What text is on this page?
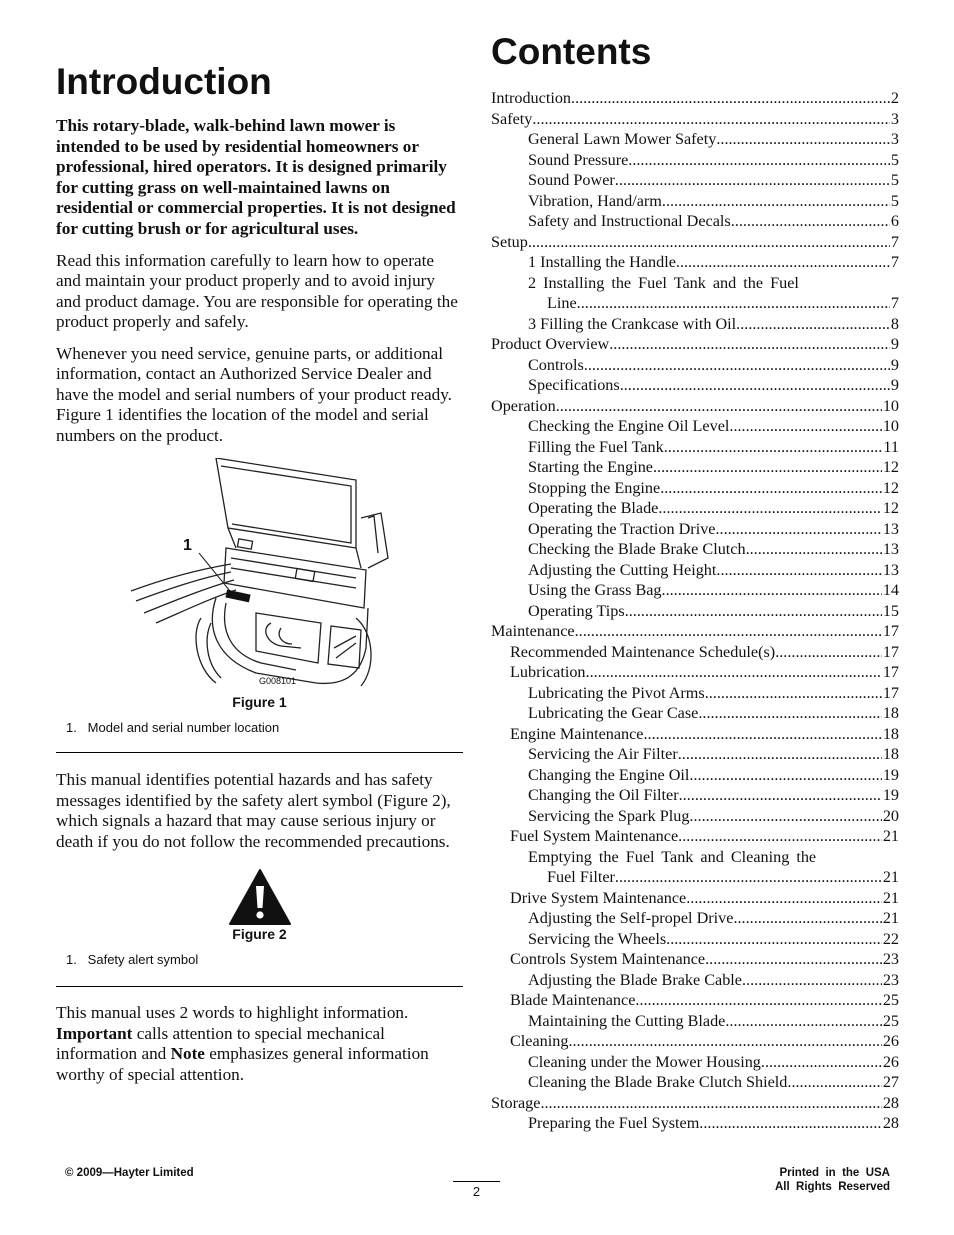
Introduction

This rotary-blade, walk-behind lawn mower is intended to be used by residential homeowners or professional, hired operators. It is designed primarily for cutting grass on well-maintained lawns on residential or commercial properties. It is not designed for cutting brush or for agricultural uses.

Read this information carefully to learn how to operate and maintain your product properly and to avoid injury and product damage. You are responsible for operating the product properly and safely.

Whenever you need service, genuine parts, or additional information, contact an Authorized Service Dealer and have the model and serial numbers of your product ready. Figure 1 identifies the location of the model and serial numbers on the product.

1
G008101
Figure 1
1.   Model and serial number location

This manual identifies potential hazards and has safety messages identified by the safety alert symbol (Figure 2), which signals a hazard that may cause serious injury or death if you do not follow the recommended precautions.

Figure 2
1.   Safety alert symbol

This manual uses 2 words to highlight information. Important calls attention to special mechanical information and Note emphasizes general information worthy of special attention.

Contents
Introduction .....	2
Safety .....	3
General Lawn Mower Safety .....	3
Sound Pressure .....	5
Sound Power .....	5
Vibration, Hand/arm .....	5
Safety and Instructional Decals .....	6
Setup .....	7
1 Installing the Handle .....	7
2 Installing the Fuel Tank and the Fuel
Line .....	7
3 Filling the Crankcase with Oil .....	8
Product Overview .....	9
Controls .....	9
Specifications .....	9
Operation .....	10
Checking the Engine Oil Level .....	10
Filling the Fuel Tank .....	11
Starting the Engine .....	12
Stopping the Engine .....	12
Operating the Blade .....	12
Operating the Traction Drive .....	13
Checking the Blade Brake Clutch .....	13
Adjusting the Cutting Height .....	13
Using the Grass Bag .....	14
Operating Tips .....	15
Maintenance .....	17
Recommended Maintenance Schedule(s) .....	17
Lubrication .....	17
Lubricating the Pivot Arms .....	17
Lubricating the Gear Case .....	18
Engine Maintenance .....	18
Servicing the Air Filter .....	18
Changing the Engine Oil .....	19
Changing the Oil Filter .....	19
Servicing the Spark Plug .....	20
Fuel System Maintenance .....	21
Emptying the Fuel Tank and Cleaning the
Fuel Filter .....	21
Drive System Maintenance .....	21
Adjusting the Self-propel Drive .....	21
Servicing the Wheels .....	22
Controls System Maintenance .....	23
Adjusting the Blade Brake Cable .....	23
Blade Maintenance .....	25
Maintaining the Cutting Blade .....	25
Cleaning .....	26
Cleaning under the Mower Housing .....	26
Cleaning the Blade Brake Clutch Shield .....	27
Storage .....	28
Preparing the Fuel System .....	28
© 2009—Hayter Limited	Printed  in  the  USA
All  Rights  Reserved
2
